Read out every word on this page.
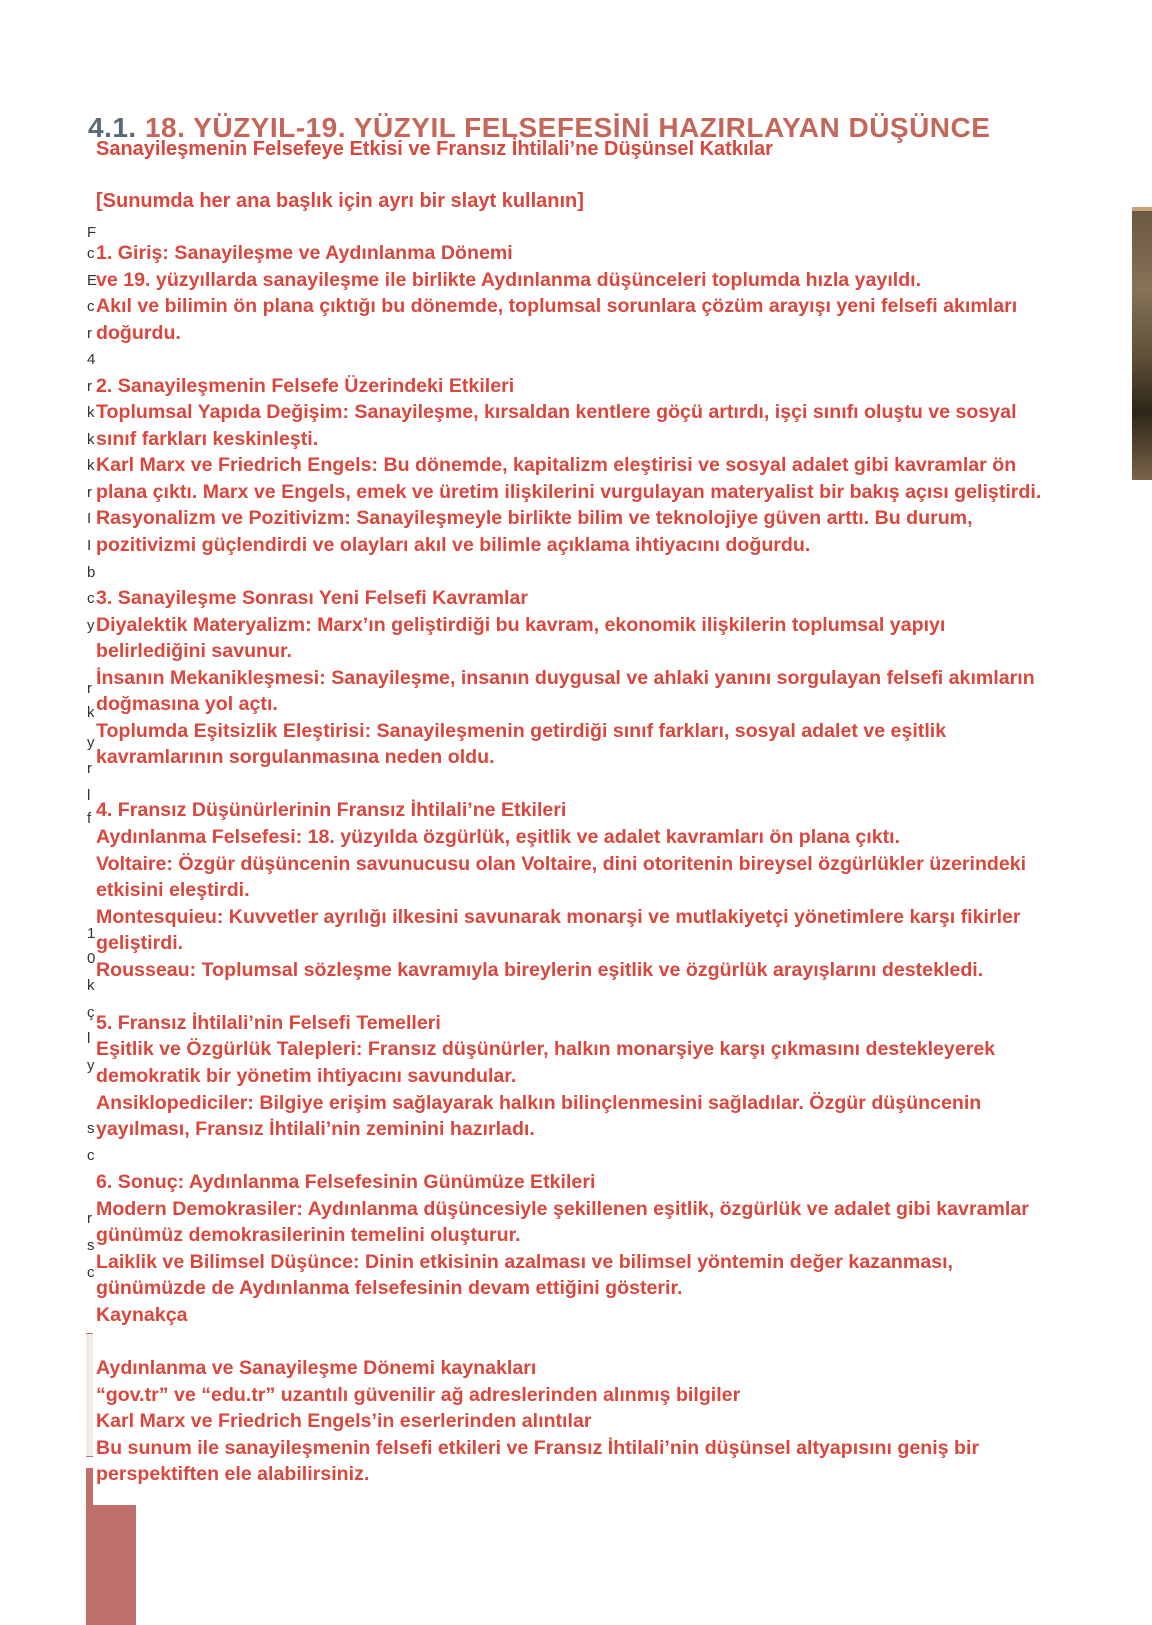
4.1. 18. YÜZYIL-19. YÜZYIL FELSEFESİNİ HAZIRLAYAN DÜŞÜNCE
Sanayileşmenin Felsefeye Etkisi ve Fransız İhtilali’ne Düşünsel Katkılar
[Sunumda her ana başlık için ayrı bir slayt kullanın]
F
c
E
c
r
4
r
k
k
k
r
I
I
b
c
y
r
k
y
r
l
f
1
0
k
ç
l
y
s
c
r
s
c
1. Giriş: Sanayileşme ve Aydınlanma Dönemi
ve 19. yüzyıllarda sanayileşme ile birlikte Aydınlanma düşünceleri toplumda hızla yayıldı.
Akıl ve bilimin ön plana çıktığı bu dönemde, toplumsal sorunlara çözüm arayışı yeni felsefi akımları
doğurdu.

2. Sanayileşmenin Felsefe Üzerindeki Etkileri
Toplumsal Yapıda Değişim: Sanayileşme, kırsaldan kentlere göçü artırdı, işçi sınıfı oluştu ve sosyal
sınıf farkları keskinleşti.
Karl Marx ve Friedrich Engels: Bu dönemde, kapitalizm eleştirisi ve sosyal adalet gibi kavramlar ön
plana çıktı. Marx ve Engels, emek ve üretim ilişkilerini vurgulayan materyalist bir bakış açısı geliştirdi.
Rasyonalizm ve Pozitivizm: Sanayileşmeyle birlikte bilim ve teknolojiye güven arttı. Bu durum,
pozitivizmi güçlendirdi ve olayları akıl ve bilimle açıklama ihtiyacını doğurdu.

3. Sanayileşme Sonrası Yeni Felsefi Kavramlar
Diyalektik Materyalizm: Marx’ın geliştirdiği bu kavram, ekonomik ilişkilerin toplumsal yapıyı
belirlediğini savunur.
İnsanın Mekanikleşmesi: Sanayileşme, insanın duygusal ve ahlaki yanını sorgulayan felsefi akımların
doğmasına yol açtı.
Toplumda Eşitsizlik Eleştirisi: Sanayileşmenin getirdiği sınıf farkları, sosyal adalet ve eşitlik
kavramlarının sorgulanmasına neden oldu.

4. Fransız Düşünürlerinin Fransız İhtilali’ne Etkileri
Aydınlanma Felsefesi: 18. yüzyılda özgürlük, eşitlik ve adalet kavramları ön plana çıktı.
Voltaire: Özgür düşüncenin savunucusu olan Voltaire, dini otoritenin bireysel özgürlükler üzerindeki
etkisini eleştirdi.
Montesquieu: Kuvvetler ayrılığı ilkesini savunarak monarşi ve mutlakiyetçi yönetimlere karşı fikirler
geliştirdi.
Rousseau: Toplumsal sözleşme kavramıyla bireylerin eşitlik ve özgürlük arayışlarını destekledi.

5. Fransız İhtilali’nin Felsefi Temelleri
Eşitlik ve Özgürlük Talepleri: Fransız düşünürler, halkın monarşiye karşı çıkmasını destekleyerek
demokratik bir yönetim ihtiyacını savundular.
Ansiklopediciler: Bilgiye erişim sağlayarak halkın bilinçlenmesini sağladılar. Özgür düşüncenin
yayılması, Fransız İhtilali’nin zeminini hazırladı.

6. Sonuç: Aydınlanma Felsefesinin Günümüze Etkileri
Modern Demokrasiler: Aydınlanma düşüncesiyle şekillenen eşitlik, özgürlük ve adalet gibi kavramlar
günümüz demokrasilerinin temelini oluşturur.
Laiklik ve Bilimsel Düşünce: Dinin etkisinin azalması ve bilimsel yöntemin değer kazanması,
günümüzde de Aydınlanma felsefesinin devam ettiğini gösterir.
Kaynakça

Aydınlanma ve Sanayileşme Dönemi kaynakları
“gov.tr” ve “edu.tr” uzantılı güvenilir ağ adreslerinden alınmış bilgiler
Karl Marx ve Friedrich Engels’in eserlerinden alıntılar
Bu sunum ile sanayileşmenin felsefi etkileri ve Fransız İhtilali’nin düşünsel altyapısını geniş bir
perspektiften ele alabilirsiniz.
